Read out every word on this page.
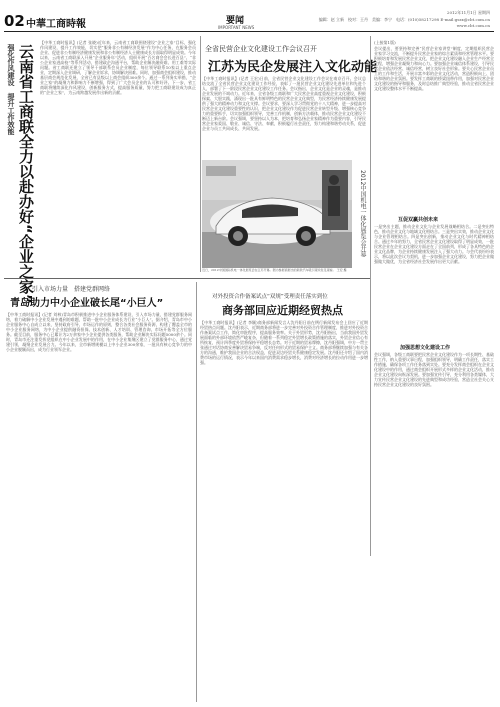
02 中華工商時報	要闻
IMPORTANT NEWS
2012年11月1日 星期四
编辑：赵 立新　校对：王丹　美编：李宁　电话：(010)58217298 E-mail:gszx@cbt.com.cn
www.cbt.com.cn
强化作风建设　提升工作效能 云南省工商联全力以赴办好“企业之家”
【中华工商时报讯】(记者 张晓)近年来，云南省工商联围绕建设“企业之家”目标，强化作风建设，提升工作效能，切实把“服务非公有制经济发展”作为中心任务，在服务会员企业、促进非公有制经济健康发展和非公有制经济人士健康成长方面取得明显成效。今年以来，云南省工商联深入开展“企业服务年”活动，组织开展“百名商会会长进百县”、“非公企业家进高校”等系列活动，搭建政企沟通平台，帮助企业解决融资难、用工难等实际问题。省工商联还建立了领导干部联系会员企业制度，每位领导联系10家以上重点企业，定期深入企业调研，了解企业诉求，协调解决困难。同时，加强商会组织建设，推动基层商会规范化发展，全省已有县级以上商会组织300余个。通过一系列务实举措，“企业之家”的凝聚力和影响力不断增强，得到了广大会员企业的认可和好评。下一步，省工商联将继续深化作风建设，创新服务方式，提高服务质量，努力把工商联建设成为真正的“企业之家”，为云南跨越发展作出新的贡献。
全省民营企业文化建设工作会议召开
江苏为民企发展注入文化动能
【中华工商时报讯】(记者 王宏)日前，全省民营企业文化建设工作会议在南京召开。会议总结交流了全省民营企业文化建设工作经验，表彰了一批民营企业文化建设先进单位和先进个人，部署了下一阶段民营企业文化建设工作任务。会议指出，企业文化是企业的灵魂，是推动企业发展的不竭动力。近年来，全省各级工商联和广大民营企业高度重视企业文化建设，积极探索、大胆实践，涌现出一批具有鲜明特色的民营企业文化典型，为民营经济持续健康发展提供了强大的精神动力和文化支撑。会议要求，要深入学习贯彻党的十八大精神，进一步提高对民营企业文化建设重要性的认识，把企业文化建设作为促进民营企业转型升级、增强核心竞争力的重要抓手，切实加强组织领导，完善工作机制，创新方法载体，推动民营企业文化建设不断迈上新台阶。会议强调，要坚持以人为本，把培育和弘扬企业家精神作为重要内容，引导民营企业家爱国、敬业、诚信、守法、奉献，积极履行社会责任，努力构建和谐劳动关系，促进企业与员工共同成长、共同发展。
近日，2012中国国际机电一体化展览会在江苏开幕。图为参展商展出的新款汽车吸引观众驻足观看。 王宏 摄
2012中国机电一体化展览会开幕
(上接第1版)
会议提出，要坚持和完善“民营企业家讲堂”制度，定期组织民营企业家学习交流，不断提升民营企业家的综合素质和经营管理水平。要积极培育和发展民营企业文化，把企业文化建设融入企业生产经营全过程，增强企业凝聚力和向心力。要加强企业诚信体系建设，引导民营企业依法经营、诚信经营，树立良好社会形象。要关心民营企业员工的工作和生活，开展丰富多彩的企业文化活动，营造积极向上、团结和谐的企业氛围。要发挥工商联的桥梁纽带作用，加强对民营企业文化建设的指导和服务，及时总结推广典型经验，推动全省民营企业文化建设整体水平不断提高。
互促双赢共创未来
一是突出主题，推动企业文化与企业发展战略相结合。二是突出特色，推动企业文化与地域文化相结合。三是突出实效，推动企业文化与企业管理相结合。四是突出创新，推动企业文化与时代精神相结合。通过多年的努力，全省民营企业文化建设取得了明显成效，一批民营企业在企业文化建设方面走在了全国前列，形成了各具特色的企业文化品牌，为企业持续健康发展注入了强大动力。与会代表纷纷表示，将以此次会议为契机，进一步加强企业文化建设，努力把企业做强做大做优，为全省经济社会发展作出更大贡献。
加强思想文化建设工作
会议强调，各级工商联要把民营企业文化建设作为一项长期性、基础性工作，纳入重要议事日程，加强组织领导，明确工作责任，落实工作措施，确保各项工作任务落到实处。要充分发挥商会组织在企业文化建设中的作用，通过商会组织开展形式多样的企业文化活动，推动企业文化建设向纵深发展。要加强宣传引导，充分利用各类媒体，大力宣传民营企业文化建设的先进典型和成功经验，营造全社会关心支持民营企业文化建设的良好氛围。
引入市场力量　搭建党群网络
青岛助力中小企业破长尾“小巨人”
【中华工商时报讯】(记者 刘林)青岛市积极推进中小企业服务体系建设，引入市场力量，搭建党群服务网络，着力破解中小企业发展中遇到的难题，帮助一批中小企业成长为行业“小巨人”。据介绍，青岛市中小企业服务中心自成立以来，坚持政府引导、市场运作的原则，整合各类社会服务资源，构建了覆盖全市的中小企业服务网络，为中小企业提供融资担保、技术创新、人才培训、管理咨询、市场开拓等全方位服务。截至目前，服务中心已累计为2万余家中小企业提供各类服务，帮助企业解决实际问题5000余个。同时，青岛市还注重发挥党组织在中小企业发展中的作用，在中小企业集聚区建立了党群服务中心，通过党建引领，凝聚企业发展合力。今年以来，全市新增规模以上中小企业300余家，一批具有核心竞争力的中小企业脱颖而出，成为行业领军企业。
对外投资合作备案试点“双规”受理责任落实到位
商务部回应近期经贸热点
【中华工商时报讯】(记者 李颖)商务部新闻发言人沈丹阳日前在例行新闻发布会上回应了近期经贸热点问题。沈丹阳表示，近期商务部将进一步完善对外投资合作管理制度，推进对外投资合作备案试点工作，简化审批程序，提高服务效率。关于外贸形势，沈丹阳指出，当前我国外贸发展面临的外部环境依然严峻复杂，但随着一系列稳定外贸增长政策措施的落实，外贸企业信心有所恢复，预计四季度外贸将保持平稳增长态势。对于近期的贸易摩擦，沈丹阳强调，中方一贯主张通过对话协商妥善解决贸易争端，反对任何形式的贸易保护主义。商务部将继续加强与有关各方的沟通，维护我国企业的合法权益，促进双边经贸关系健康稳定发展。沈丹阳还介绍了国内消费市场的运行情况，表示今年以来国内消费需求稳步增长，消费对经济增长的拉动作用进一步增强。
